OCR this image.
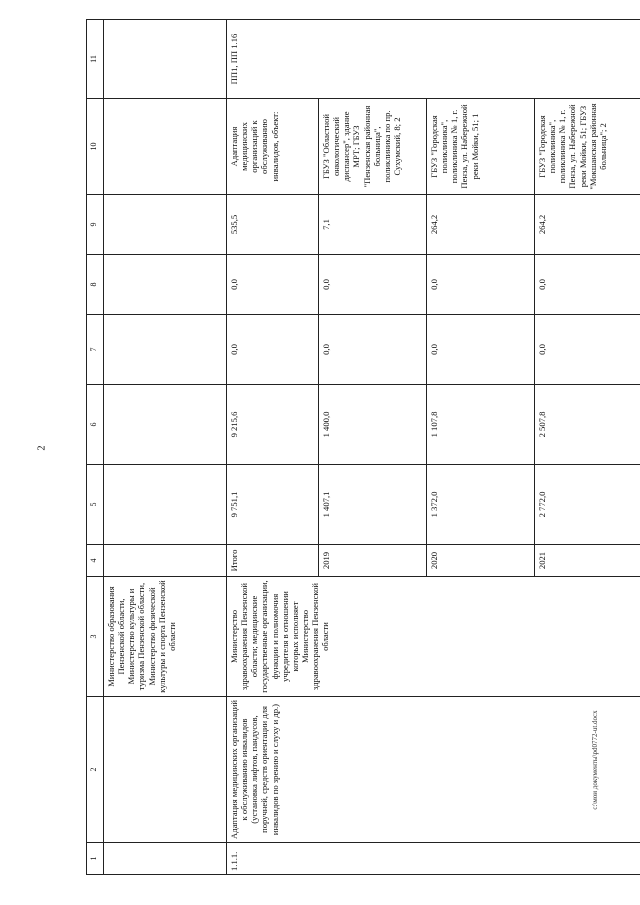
2
c:\мои документы\pd0772-ut.docx
1	2	3	4	5	6	7	8	9	10	11
		Министерство образования Пензенской области, Министерство культуры и туризма Пензенской области, Министерство физической культуры и спорта Пензенской области								
1.1.1.	Адаптация медицинских организаций к обслуживанию инвалидов (установка лифтов, пандусов, поручней, средств ориентации для инвалидов по зрению и слуху и др.)	Министерство здравоохранения Пензенской области; медицинские государственные организации, функции и полномочия учредителя в отношении которых исполняет Министерство здравоохранения Пензенской области	Итого	9 751,1	9 215,6	0,0	0,0	535,5	Адаптация медицинских организаций к обслуживанию инвалидов, объект:	ПП1, ПП 1.16
			2019	1 407,1	1 400,0	0,0	0,0	7,1	ГБУЗ "Областной онкологический диспансер", здание МРТ; ГБУЗ "Пензенская районная больница", поликлиника по пр. Сухумский, 8; 2	
			2020	1 372,0	1 107,8	0,0	0,0	264,2	ГБУЗ "Городская поликлиника", поликлиника № 1, г. Пенза, ул. Набережной реки Мойки, 51; 1	
			2021	2 772,0	2 507,8	0,0	0,0	264,2	ГБУЗ "Городская поликлиника", поликлиника № 1, г. Пенза, ул. Набережной реки Мойки, 51; ГБУЗ "Мокшанская районная больница"; 2	
